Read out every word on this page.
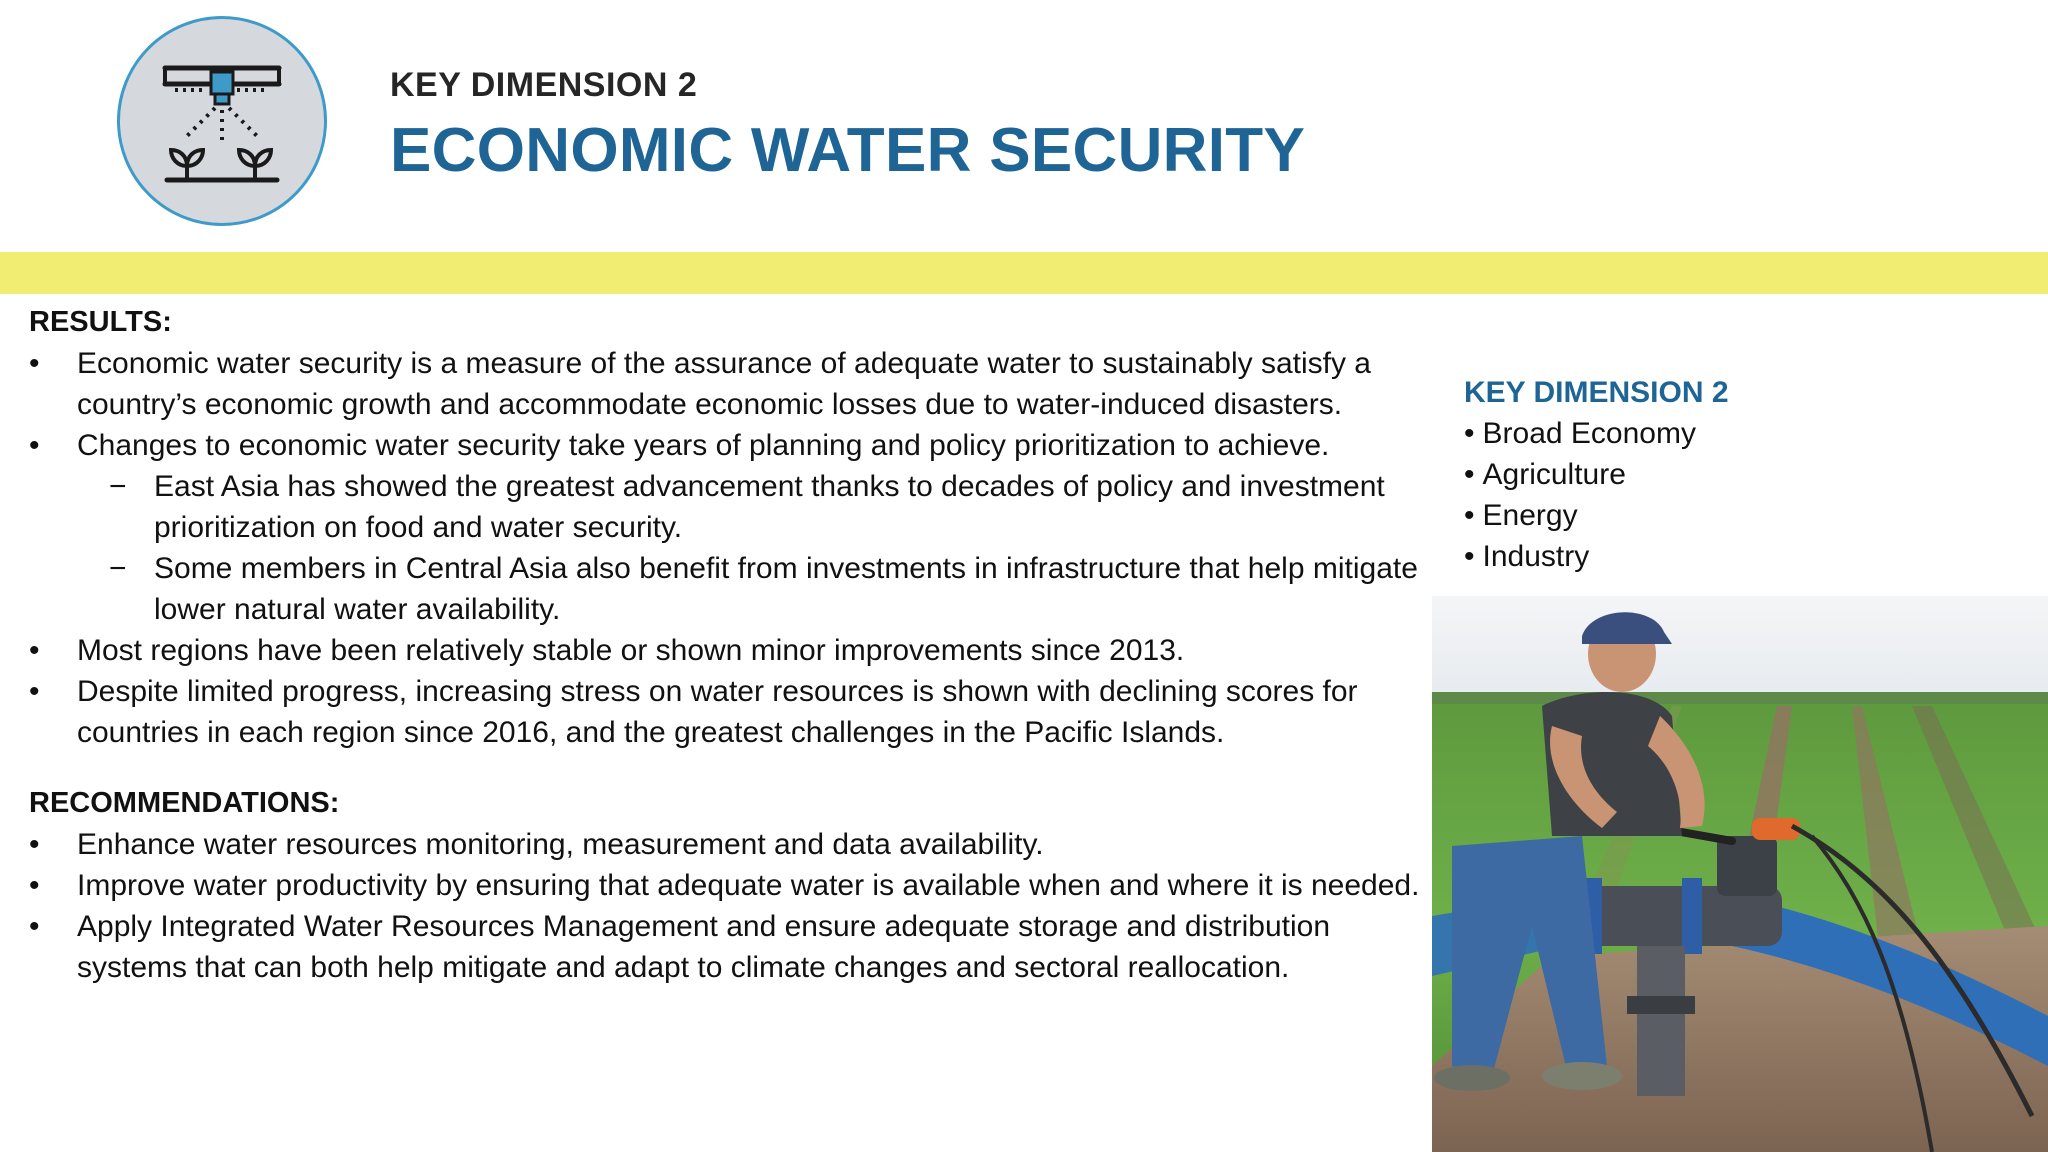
KEY DIMENSION 2
ECONOMIC WATER SECURITY
RESULTS:
• Economic water security is a measure of the assurance of adequate water to sustainably satisfy a country’s economic growth and accommodate economic losses due to water-induced disasters.
• Changes to economic water security take years of planning and policy prioritization to achieve.
− East Asia has showed the greatest advancement thanks to decades of policy and investment prioritization on food and water security.
− Some members in Central Asia also benefit from investments in infrastructure that help mitigate lower natural water availability.
• Most regions have been relatively stable or shown minor improvements since 2013.
• Despite limited progress, increasing stress on water resources is shown with declining scores for countries in each region since 2016, and the greatest challenges in the Pacific Islands.
RECOMMENDATIONS:
• Enhance water resources monitoring, measurement and data availability.
• Improve water productivity by ensuring that adequate water is available when and where it is needed.
• Apply Integrated Water Resources Management and ensure adequate storage and distribution systems that can both help mitigate and adapt to climate changes and sectoral reallocation.
KEY DIMENSION 2
• Broad Economy
• Agriculture
• Energy
• Industry
